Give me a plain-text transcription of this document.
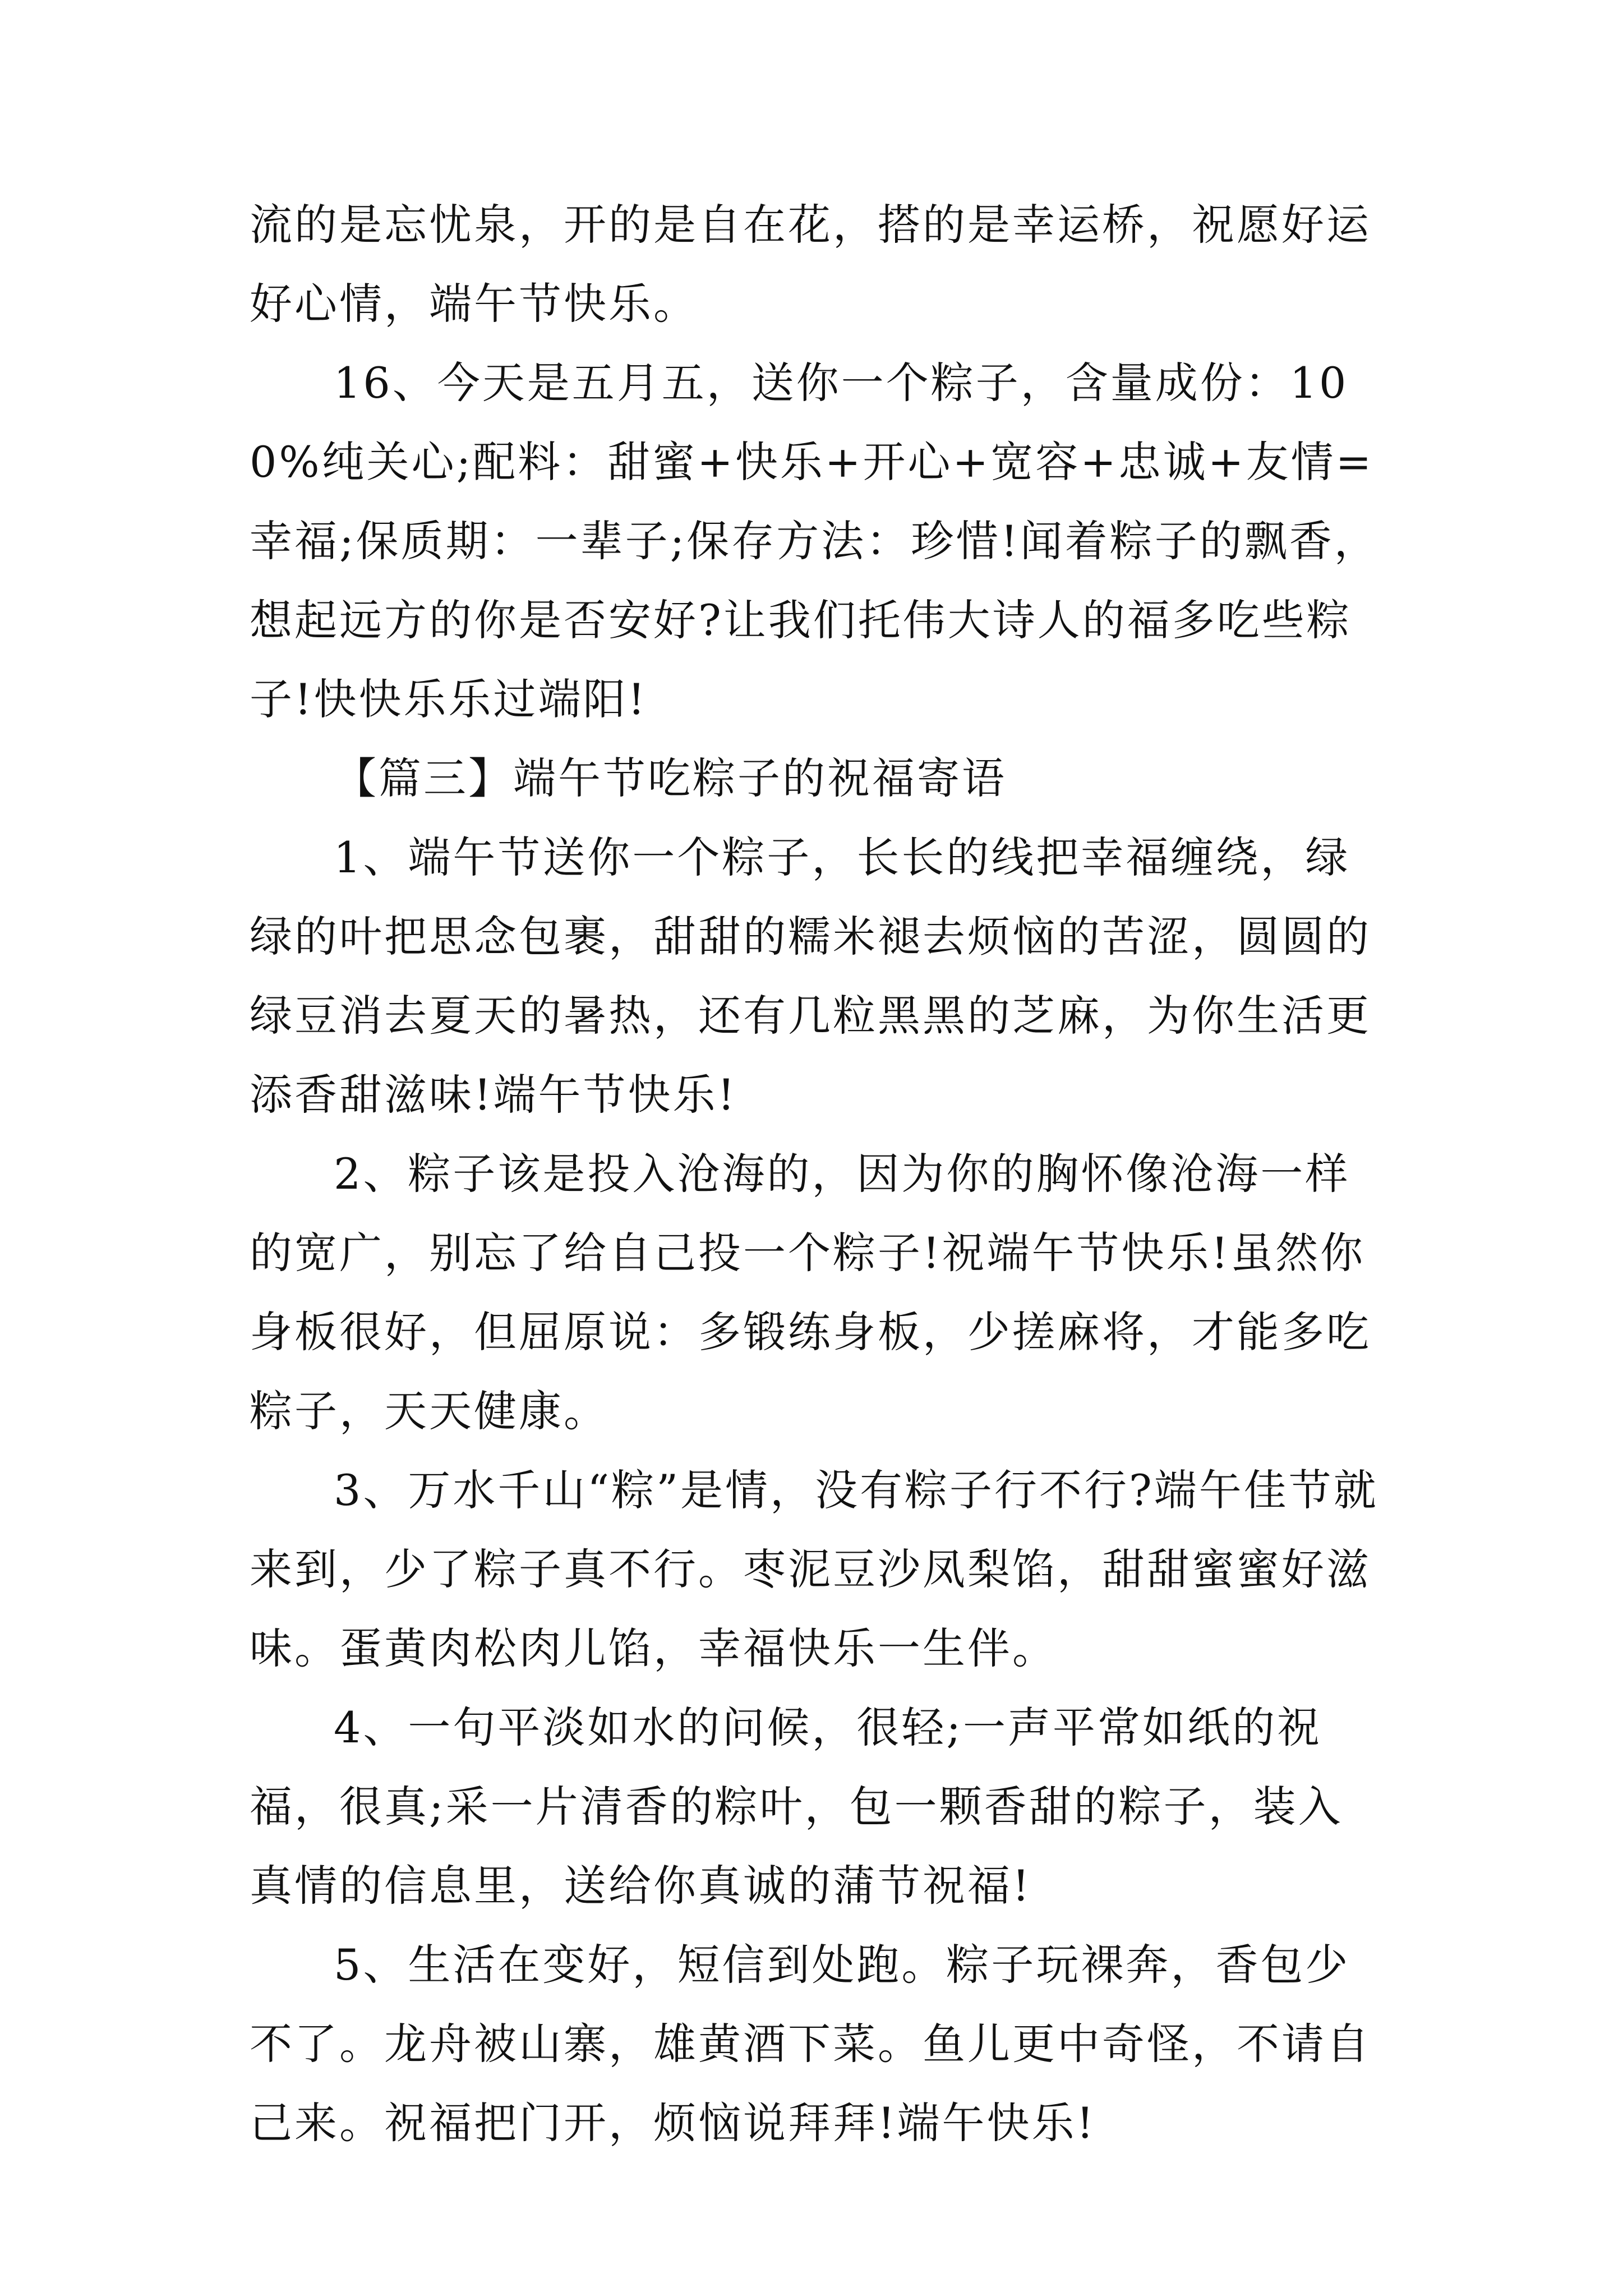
流的是忘忧泉，开的是自在花，搭的是幸运桥，祝愿好运好心情，端午节快乐。

16、今天是五月五，送你一个粽子，含量成份：100%纯关心;配料：甜蜜+快乐+开心+宽容+忠诚+友情=幸福;保质期：一辈子;保存方法：珍惜!闻着粽子的飘香，想起远方的你是否安好?让我们托伟大诗人的福多吃些粽子!快快乐乐过端阳!

【篇三】端午节吃粽子的祝福寄语

1、端午节送你一个粽子，长长的线把幸福缠绕，绿绿的叶把思念包裹，甜甜的糯米褪去烦恼的苦涩，圆圆的绿豆消去夏天的暑热，还有几粒黑黑的芝麻，为你生活更添香甜滋味!端午节快乐!

2、粽子该是投入沧海的，因为你的胸怀像沧海一样的宽广，别忘了给自己投一个粽子!祝端午节快乐!虽然你身板很好，但屈原说：多锻练身板，少搓麻将，才能多吃粽子，天天健康。

3、万水千山“粽”是情，没有粽子行不行?端午佳节就来到，少了粽子真不行。枣泥豆沙凤梨馅，甜甜蜜蜜好滋味。蛋黄肉松肉儿馅，幸福快乐一生伴。

4、一句平淡如水的问候，很轻;一声平常如纸的祝福，很真;采一片清香的粽叶，包一颗香甜的粽子，装入真情的信息里，送给你真诚的蒲节祝福!

5、生活在变好，短信到处跑。粽子玩裸奔，香包少不了。龙舟被山寨，雄黄酒下菜。鱼儿更中奇怪，不请自己来。祝福把门开，烦恼说拜拜!端午快乐!
